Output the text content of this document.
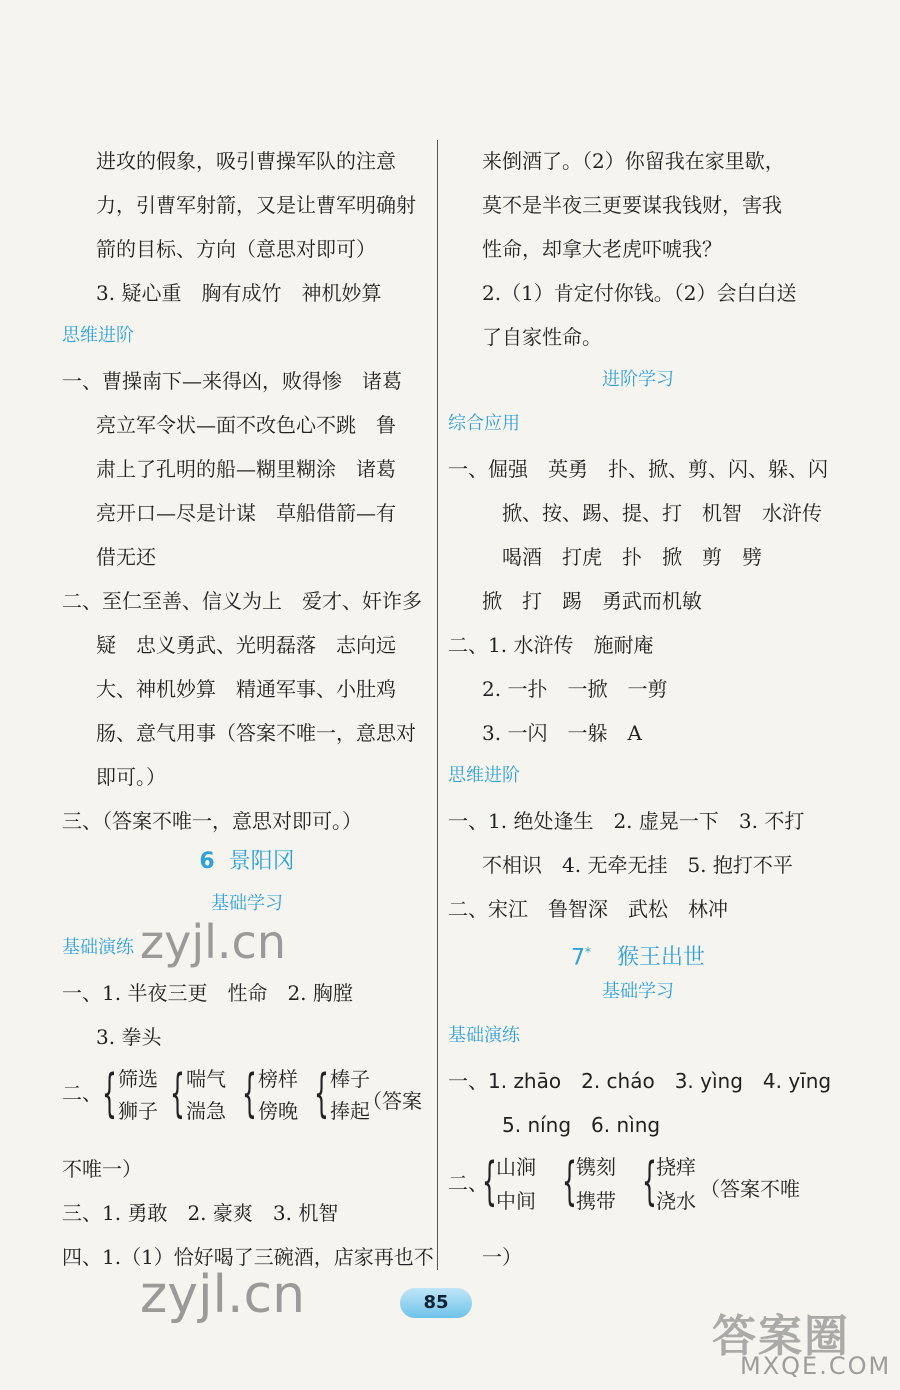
进攻的假象，吸引曹操军队的注意
力，引曹军射箭，又是让曹军明确射
箭的目标、方向（意思对即可）
3. 疑心重　胸有成竹　神机妙算
思维进阶
一、曹操南下—来得凶，败得惨　诸葛
亮立军令状—面不改色心不跳　鲁
肃上了孔明的船—糊里糊涂　诸葛
亮开口—尽是计谋　草船借箭—有
借无还
二、至仁至善、信义为上　爱才、奸诈多
疑　忠义勇武、光明磊落　志向远
大、神机妙算　精通军事、小肚鸡
肠、意气用事（答案不唯一，意思对
即可。）
三、（答案不唯一，意思对即可。）
6 景阳冈
基础学习
基础演练
一、1. 半夜三更　性命　2. 胸膛
3. 拳头
二、 { 筛选
狮子 { 喘气
湍急 { 榜样
傍晚 { 棒子
捧起
（答案
不唯一）
三、1. 勇敢　2. 豪爽　3. 机智
四、1.（1）恰好喝了三碗酒，店家再也不
来倒酒了。（2）你留我在家里歇，
莫不是半夜三更要谋我钱财，害我
性命，却拿大老虎吓唬我？
2.（1）肯定付你钱。（2）会白白送
了自家性命。
进阶学习
综合应用
一、倔强　英勇　扑、掀、剪、闪、躲、闪
掀、按、踢、提、打　机智　水浒传
喝酒　打虎　扑　掀　剪　劈
掀　打　踢　勇武而机敏
二、1. 水浒传　施耐庵
2. 一扑　一掀　一剪
3. 一闪　一躲　A
思维进阶
一、1. 绝处逢生　2. 虚晃一下　3. 不打
不相识　4. 无牵无挂　5. 抱打不平
二、宋江　鲁智深　武松　林冲
7* 猴王出世
基础学习
基础演练
一、1. zhāo　2. cháo　3. yìng　4. yīng
5. níng　6. nìng
二、
{ 山涧
中间 { 镌刻
携带 { 挠痒
浇水 （答案不唯
一）
85
zyjl.cn
zyjl.cn
答案圈
MXQE.COM
